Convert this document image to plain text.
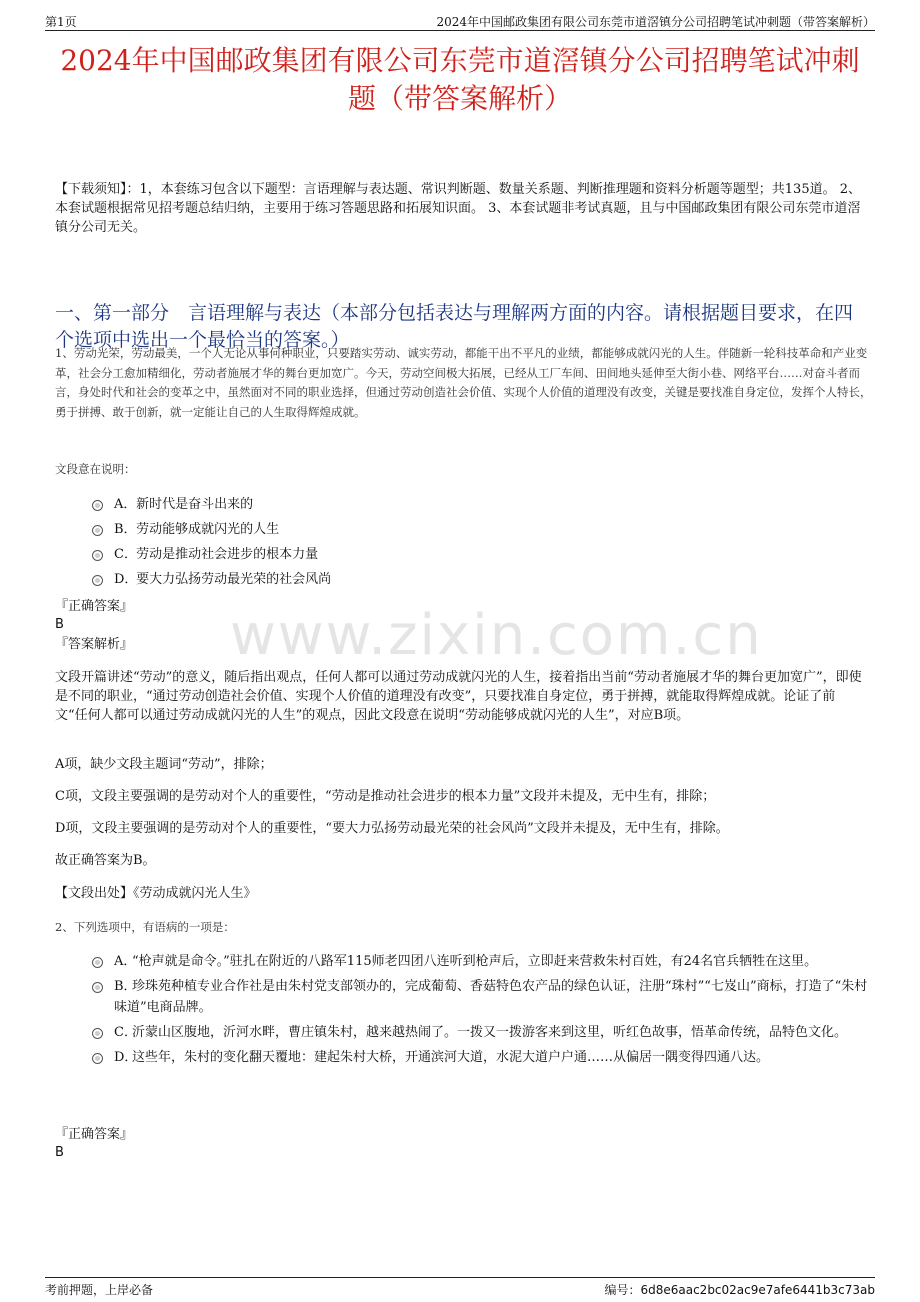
第1页	2024年中国邮政集团有限公司东莞市道滘镇分公司招聘笔试冲刺题（带答案解析）
2024年中国邮政集团有限公司东莞市道滘镇分公司招聘笔试冲刺题（带答案解析）
【下载须知】：1，本套练习包含以下题型：言语理解与表达题、常识判断题、数量关系题、判断推理题和资料分析题等题型；共135道。 2、本套试题根据常见招考题总结归纳，主要用于练习答题思路和拓展知识面。 3、本套试题非考试真题，且与中国邮政集团有限公司东莞市道滘镇分公司无关。
一、第一部分　言语理解与表达（本部分包括表达与理解两方面的内容。请根据题目要求，在四个选项中选出一个最恰当的答案。）
1、劳动光荣，劳动最美，一个人无论从事何种职业，只要踏实劳动、诚实劳动，都能干出不平凡的业绩，都能够成就闪光的人生。伴随新一轮科技革命和产业变革，社会分工愈加精细化，劳动者施展才华的舞台更加宽广。今天，劳动空间极大拓展，已经从工厂车间、田间地头延伸至大街小巷、网络平台……对奋斗者而言，身处时代和社会的变革之中，虽然面对不同的职业选择，但通过劳动创造社会价值、实现个人价值的道理没有改变，关键是要找准自身定位，发挥个人特长，勇于拼搏、敢于创新，就一定能让自己的人生取得辉煌成就。
文段意在说明：
A． 新时代是奋斗出来的
B． 劳动能够成就闪光的人生
C． 劳动是推动社会进步的根本力量
D． 要大力弘扬劳动最光荣的社会风尚
『正确答案』
B
『答案解析』 www.zixin.com.cn
文段开篇讲述“劳动”的意义，随后指出观点，任何人都可以通过劳动成就闪光的人生，接着指出当前“劳动者施展才华的舞台更加宽广”，即使是不同的职业，“通过劳动创造社会价值、实现个人价值的道理没有改变”，只要找准自身定位，勇于拼搏，就能取得辉煌成就。论证了前文“任何人都可以通过劳动成就闪光的人生”的观点，因此文段意在说明“劳动能够成就闪光的人生”，对应B项。
A项，缺少文段主题词“劳动”，排除；
C项，文段主要强调的是劳动对个人的重要性，“劳动是推动社会进步的根本力量”文段并未提及，无中生有，排除；
D项，文段主要强调的是劳动对个人的重要性，“要大力弘扬劳动最光荣的社会风尚”文段并未提及，无中生有，排除。
故正确答案为B。
【文段出处】《劳动成就闪光人生》
2、下列选项中，有语病的一项是：
A．“枪声就是命令。”驻扎在附近的八路军115师老四团八连听到枪声后，立即赶来营救朱村百姓，有24名官兵牺牲在这里。
B．珍珠苑种植专业合作社是由朱村党支部领办的，完成葡萄、香菇特色农产品的绿色认证，注册“珠村”“七岌山”商标，打造了“朱村味道”电商品牌。
C．沂蒙山区腹地，沂河水畔，曹庄镇朱村，越来越热闹了。一拨又一拨游客来到这里，听红色故事，悟革命传统，品特色文化。
D．这些年，朱村的变化翻天覆地：建起朱村大桥，开通滨河大道，水泥大道户户通……从偏居一隅变得四通八达。
『正确答案』
B
考前押题，上岸必备	编号：6d8e6aac2bc02ac9e7afe6441b3c73ab
